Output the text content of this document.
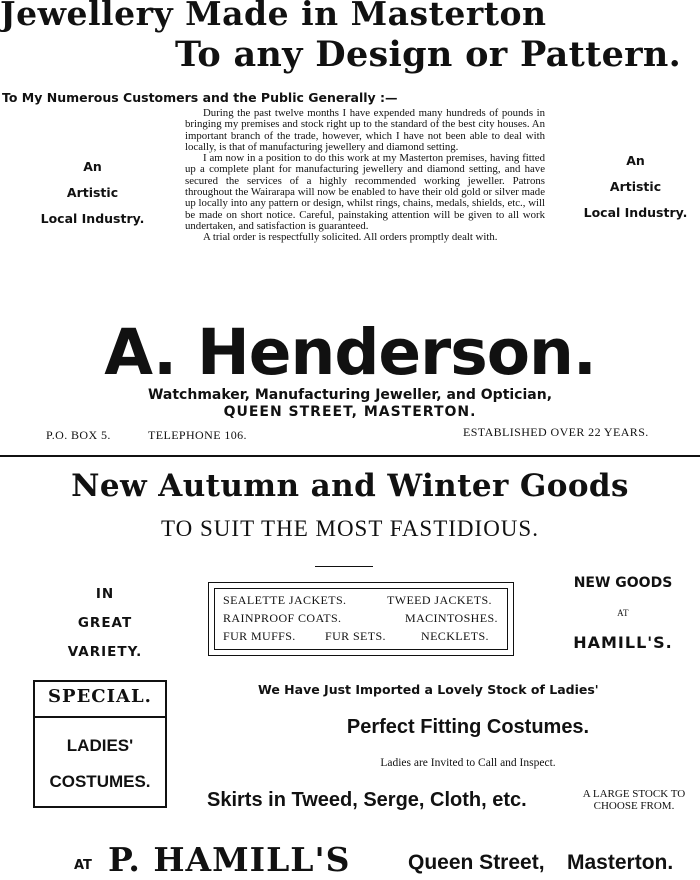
Jewellery Made in Masterton
To any Design or Pattern.
To My Numerous Customers and the Public Generally :—
An
Artistic
Local Industry.
An
Artistic
Local Industry.

During the past twelve months I have expended many hundreds of pounds in bringing my premises and stock right up to the standard of the best city houses. An important branch of the trade, however, which I have not been able to deal with locally, is that of manufacturing jewellery and diamond setting.

I am now in a position to do this work at my Masterton premises, having fitted up a complete plant for manufacturing jewellery and diamond setting, and have secured the services of a highly recommended working jeweller. Patrons throughout the Wairarapa will now be enabled to have their old gold or silver made up locally into any pattern or design, whilst rings, chains, medals, shields, etc., will be made on short notice. Careful, painstaking attention will be given to all work undertaken, and satisfaction is guaranteed.

A trial order is respectfully solicited. All orders promptly dealt with.

A. Henderson.
Watchmaker, Manufacturing Jeweller, and Optician,
QUEEN STREET, MASTERTON.
P.O. BOX 5.	TELEPHONE 106.	ESTABLISHED OVER 22 YEARS.
New Autumn and Winter Goods
TO SUIT THE MOST FASTIDIOUS.
IN
GREAT
VARIETY.
SEALETTE JACKETS.	TWEED JACKETS.
RAINPROOF COATS.	MACINTOSHES.
FUR MUFFS. FUR SETS.	NECKLETS.
NEW GOODS
AT
HAMILL'S.
SPECIAL.
LADIES'
COSTUMES.
We Have Just Imported a Lovely Stock of Ladies'
Perfect Fitting Costumes.
Ladies are Invited to Call and Inspect.
Skirts in Tweed, Serge, Cloth, etc.	A LARGE STOCK TO
CHOOSE FROM.
AT P. HAMILL'S	Queen Street, Masterton.
